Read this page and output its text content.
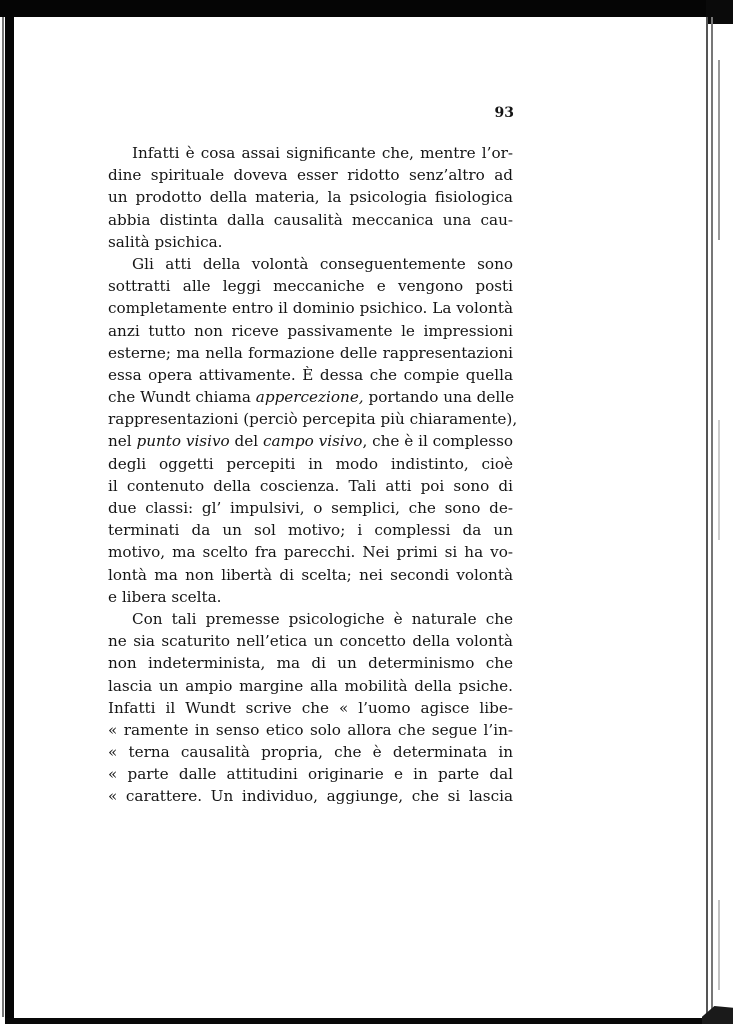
93
Infatti è cosa assai significante che, mentre l’or-
dine spirituale doveva esser ridotto senz’altro ad
un prodotto della materia, la psicologia fisiologica
abbia distinta dalla causalità meccanica una cau-
salità psichica.
Gli atti della volontà conseguentemente sono
sottratti alle leggi meccaniche e vengono posti
completamente entro il dominio psichico. La volontà
anzi tutto non riceve passivamente le impressioni
esterne; ma nella formazione delle rappresentazioni
essa opera attivamente. È dessa che compie quella
che Wundt chiama appercezione, portando una delle
rappresentazioni (perciò percepita più chiaramente),
nel punto visivo del campo visivo, che è il complesso
degli oggetti percepiti in modo indistinto, cioè
il contenuto della coscienza. Tali atti poi sono di
due classi: gl’ impulsivi, o semplici, che sono de-
terminati da un sol motivo; i complessi da un
motivo, ma scelto fra parecchi. Nei primi si ha vo-
lontà ma non libertà di scelta; nei secondi volontà
e libera scelta.
Con tali premesse psicologiche è naturale che
ne sia scaturito nell’etica un concetto della volontà
non indeterminista, ma di un determinismo che
lascia un ampio margine alla mobilità della psiche.
Infatti il Wundt scrive che « l’uomo agisce libe-
« ramente in senso etico solo allora che segue l’in-
« terna causalità propria, che è determinata in
« parte dalle attitudini originarie e in parte dal
« carattere. Un individuo, aggiunge, che si lascia
